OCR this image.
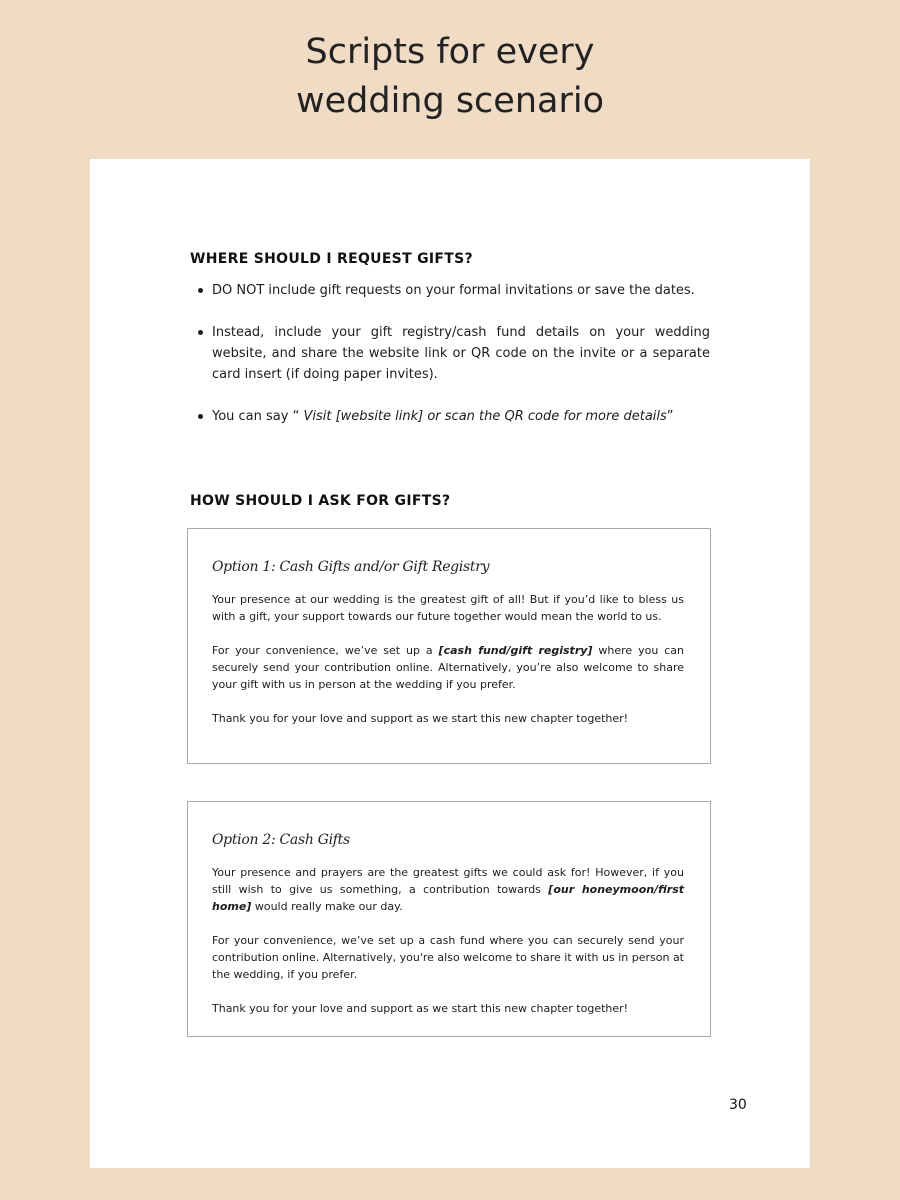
Scripts for every
wedding scenario
WHERE SHOULD I REQUEST GIFTS?
DO NOT include gift requests on your formal invitations or save the dates.
Instead, include your gift registry/cash fund details on your wedding website, and share the website link or QR code on the invite or a separate card insert (if doing paper invites).
You can say “ Visit [website link] or scan the QR code for more details”
HOW SHOULD I ASK FOR GIFTS?
Option 1: Cash Gifts and/or Gift Registry

Your presence at our wedding is the greatest gift of all! But if you’d like to bless us with a gift, your support towards our future together would mean the world to us.

For your convenience, we’ve set up a [cash fund/gift registry] where you can securely send your contribution online. Alternatively, you’re also welcome to share your gift with us in person at the wedding if you prefer.

Thank you for your love and support as we start this new chapter together!

Option 2: Cash Gifts

Your presence and prayers are the greatest gifts we could ask for! However, if you still wish to give us something, a contribution towards [our honeymoon/first home] would really make our day.

For your convenience, we’ve set up a cash fund where you can securely send your contribution online. Alternatively, you're also welcome to share it with us in person at the wedding, if you prefer.

Thank you for your love and support as we start this new chapter together!

30
